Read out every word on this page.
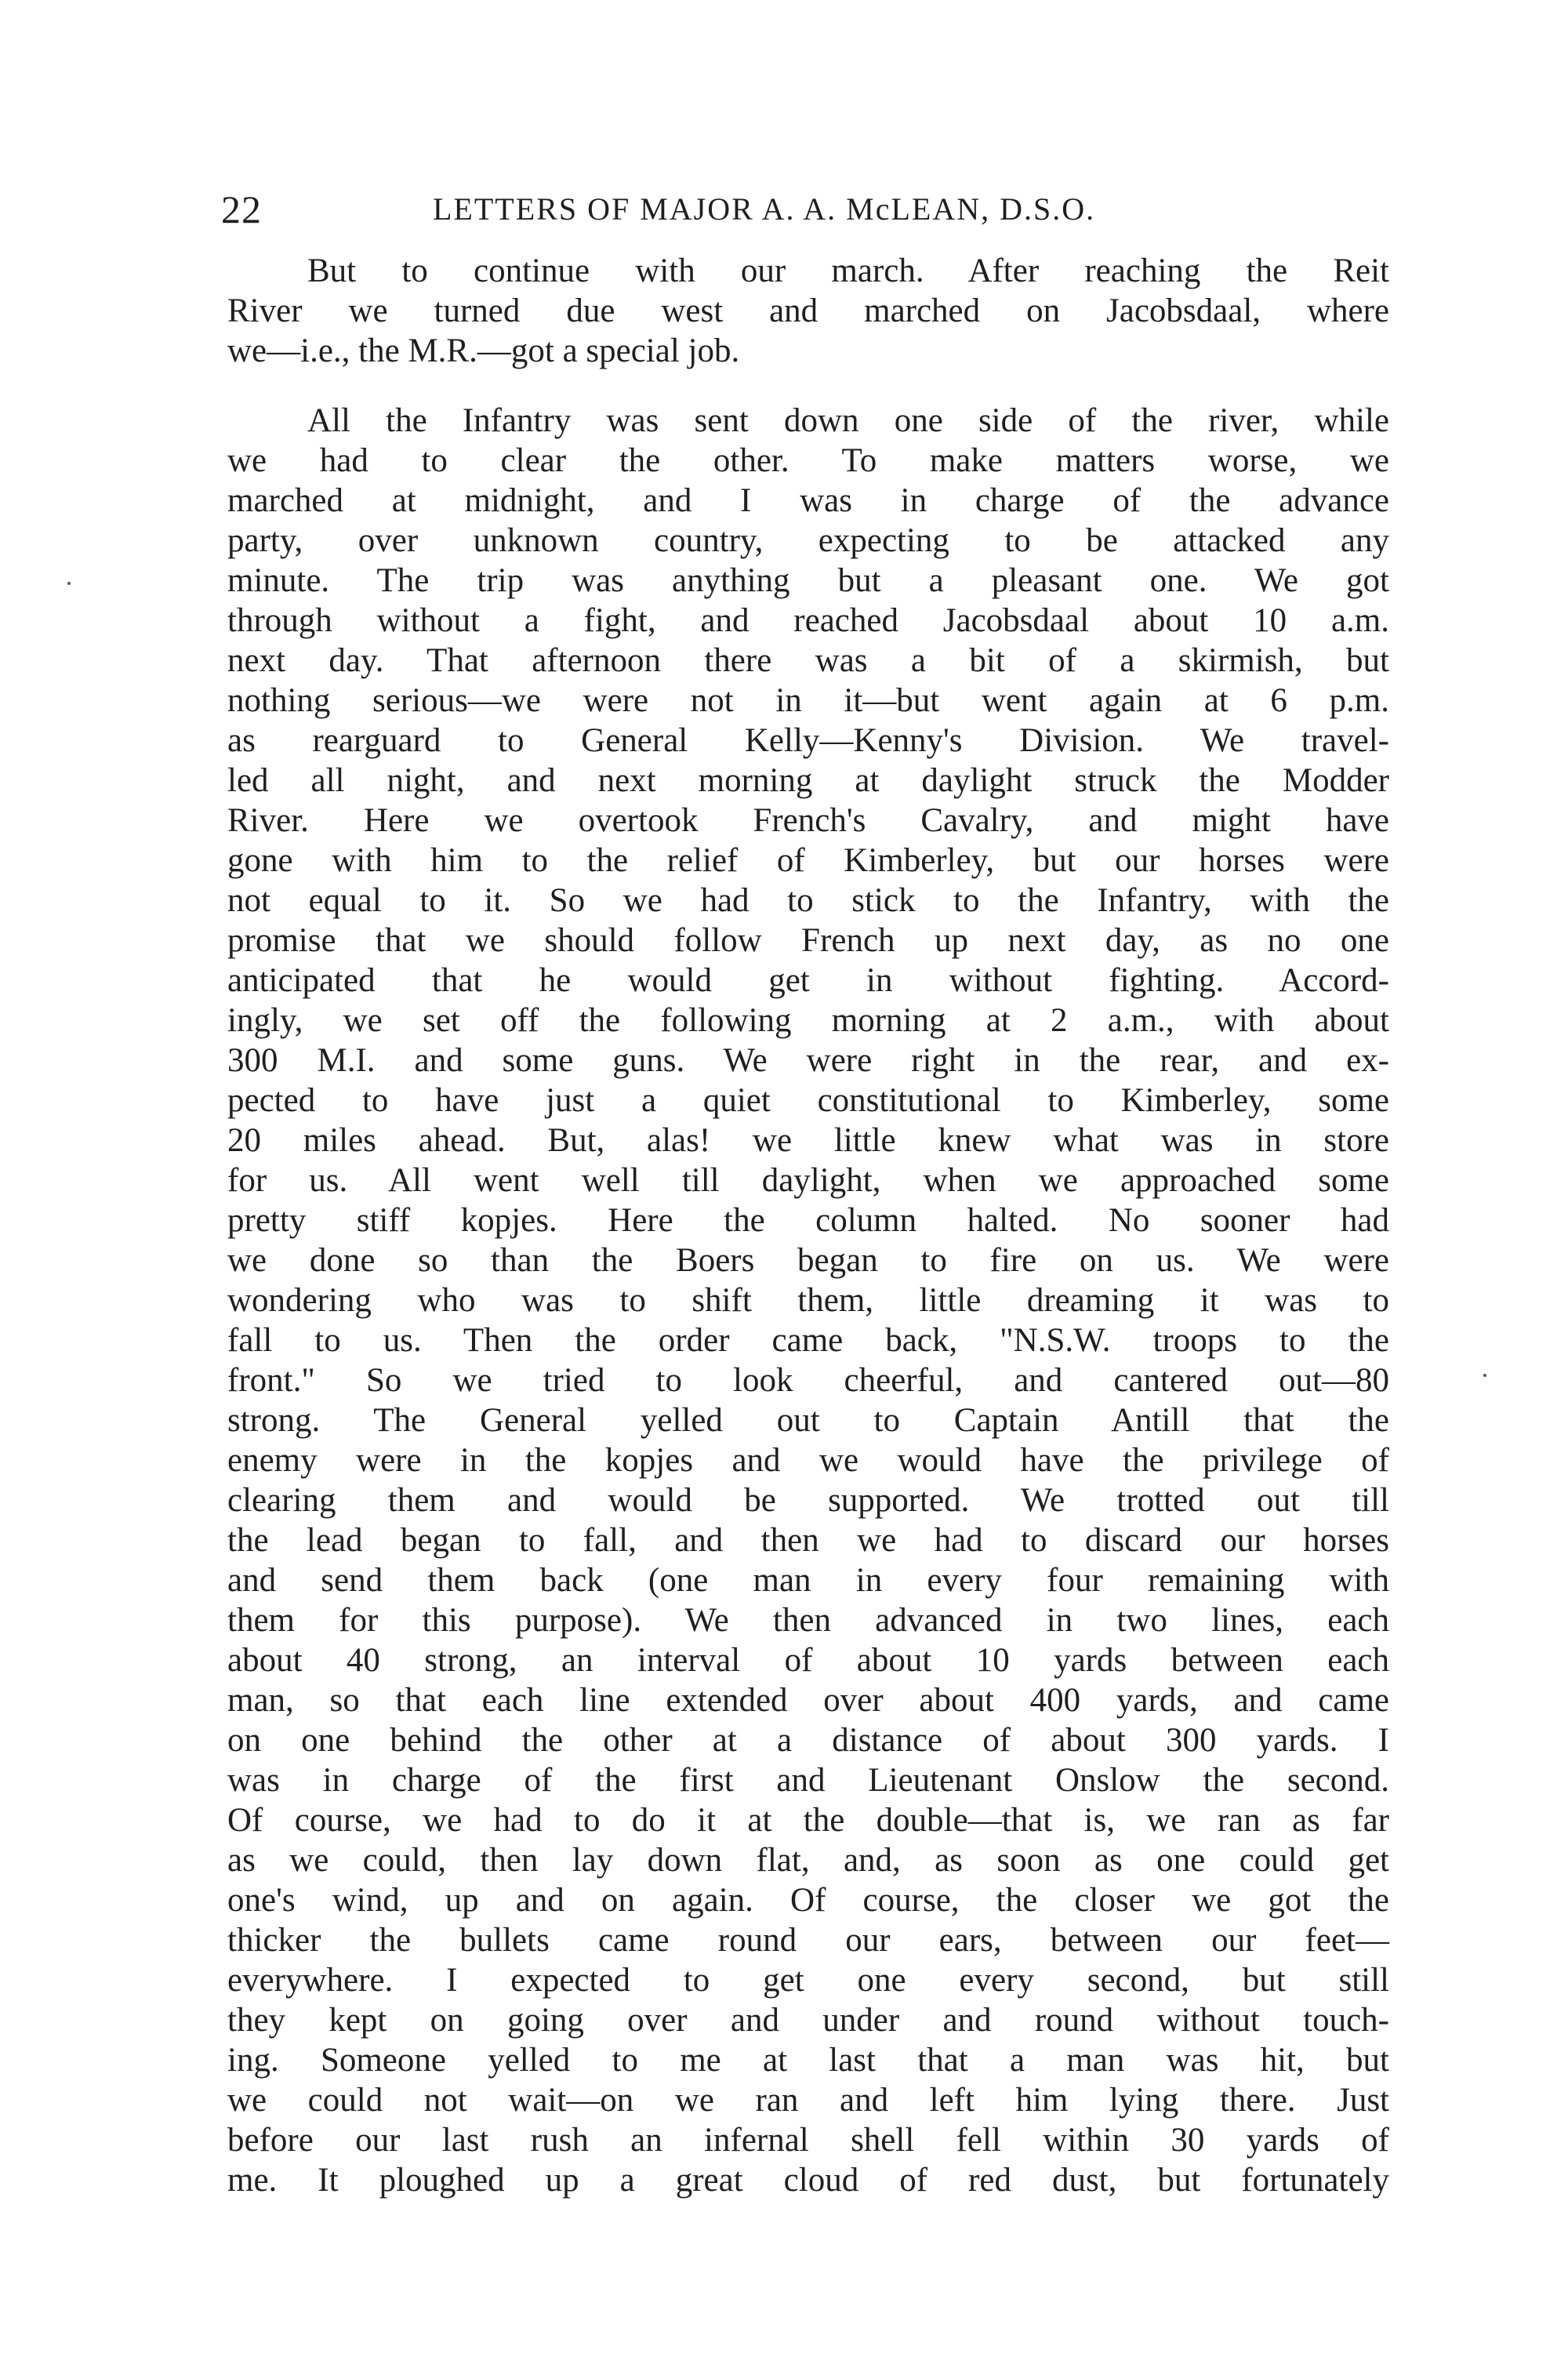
22	LETTERS OF MAJOR A. A. McLEAN, D.S.O.

But to continue with our march. After reaching the Reit
River we turned due west and marched on Jacobsdaal, where
we—i.e., the M.R.—got a special job.

All the Infantry was sent down one side of the river, while
we had to clear the other. To make matters worse, we
marched at midnight, and I was in charge of the advance
party, over unknown country, expecting to be attacked any
minute. The trip was anything but a pleasant one. We got
through without a fight, and reached Jacobsdaal about 10 a.m.
next day. That afternoon there was a bit of a skirmish, but
nothing serious—we were not in it—but went again at 6 p.m.
as rearguard to General Kelly—Kenny's Division. We travel-
led all night, and next morning at daylight struck the Modder
River. Here we overtook French's Cavalry, and might have
gone with him to the relief of Kimberley, but our horses were
not equal to it. So we had to stick to the Infantry, with the
promise that we should follow French up next day, as no one
anticipated that he would get in without fighting. Accord-
ingly, we set off the following morning at 2 a.m., with about
300 M.I. and some guns. We were right in the rear, and ex-
pected to have just a quiet constitutional to Kimberley, some
20 miles ahead. But, alas! we little knew what was in store
for us. All went well till daylight, when we approached some
pretty stiff kopjes. Here the column halted. No sooner had
we done so than the Boers began to fire on us. We were
wondering who was to shift them, little dreaming it was to
fall to us. Then the order came back, "N.S.W. troops to the
front." So we tried to look cheerful, and cantered out—80
strong. The General yelled out to Captain Antill that the
enemy were in the kopjes and we would have the privilege of
clearing them and would be supported. We trotted out till
the lead began to fall, and then we had to discard our horses
and send them back (one man in every four remaining with
them for this purpose). We then advanced in two lines, each
about 40 strong, an interval of about 10 yards between each
man, so that each line extended over about 400 yards, and came
on one behind the other at a distance of about 300 yards. I
was in charge of the first and Lieutenant Onslow the second.
Of course, we had to do it at the double—that is, we ran as far
as we could, then lay down flat, and, as soon as one could get
one's wind, up and on again. Of course, the closer we got the
thicker the bullets came round our ears, between our feet—
everywhere. I expected to get one every second, but still
they kept on going over and under and round without touch-
ing. Someone yelled to me at last that a man was hit, but
we could not wait—on we ran and left him lying there. Just
before our last rush an infernal shell fell within 30 yards of
me. It ploughed up a great cloud of red dust, but fortunately
